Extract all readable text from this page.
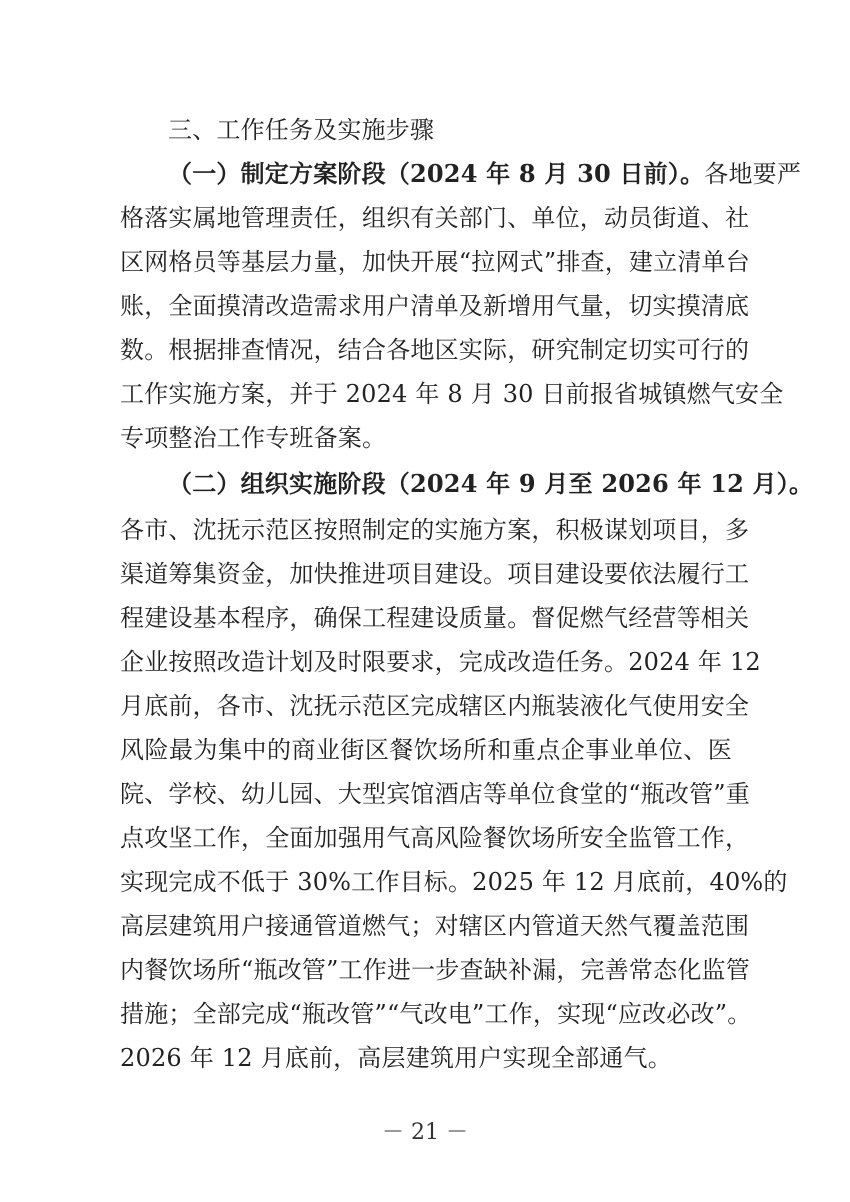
三、工作任务及实施步骤
（一）制定方案阶段（2024 年 8 月 30 日前）。各地要严
格落实属地管理责任，组织有关部门、单位，动员街道、社
区网格员等基层力量，加快开展“拉网式”排查，建立清单台
账，全面摸清改造需求用户清单及新增用气量，切实摸清底
数。根据排查情况，结合各地区实际，研究制定切实可行的
工作实施方案，并于 2024 年 8 月 30 日前报省城镇燃气安全
专项整治工作专班备案。
（二）组织实施阶段（2024 年 9 月至 2026 年 12 月）。
各市、沈抚示范区按照制定的实施方案，积极谋划项目，多
渠道筹集资金，加快推进项目建设。项目建设要依法履行工
程建设基本程序，确保工程建设质量。督促燃气经营等相关
企业按照改造计划及时限要求，完成改造任务。2024 年 12
月底前，各市、沈抚示范区完成辖区内瓶装液化气使用安全
风险最为集中的商业街区餐饮场所和重点企事业单位、医
院、学校、幼儿园、大型宾馆酒店等单位食堂的“瓶改管”重
点攻坚工作，全面加强用气高风险餐饮场所安全监管工作，
实现完成不低于 30%工作目标。2025 年 12 月底前，40%的
高层建筑用户接通管道燃气；对辖区内管道天然气覆盖范围
内餐饮场所“瓶改管”工作进一步查缺补漏，完善常态化监管
措施；全部完成“瓶改管”“气改电”工作，实现“应改必改”。
2026 年 12 月底前，高层建筑用户实现全部通气。
－ 21 －
